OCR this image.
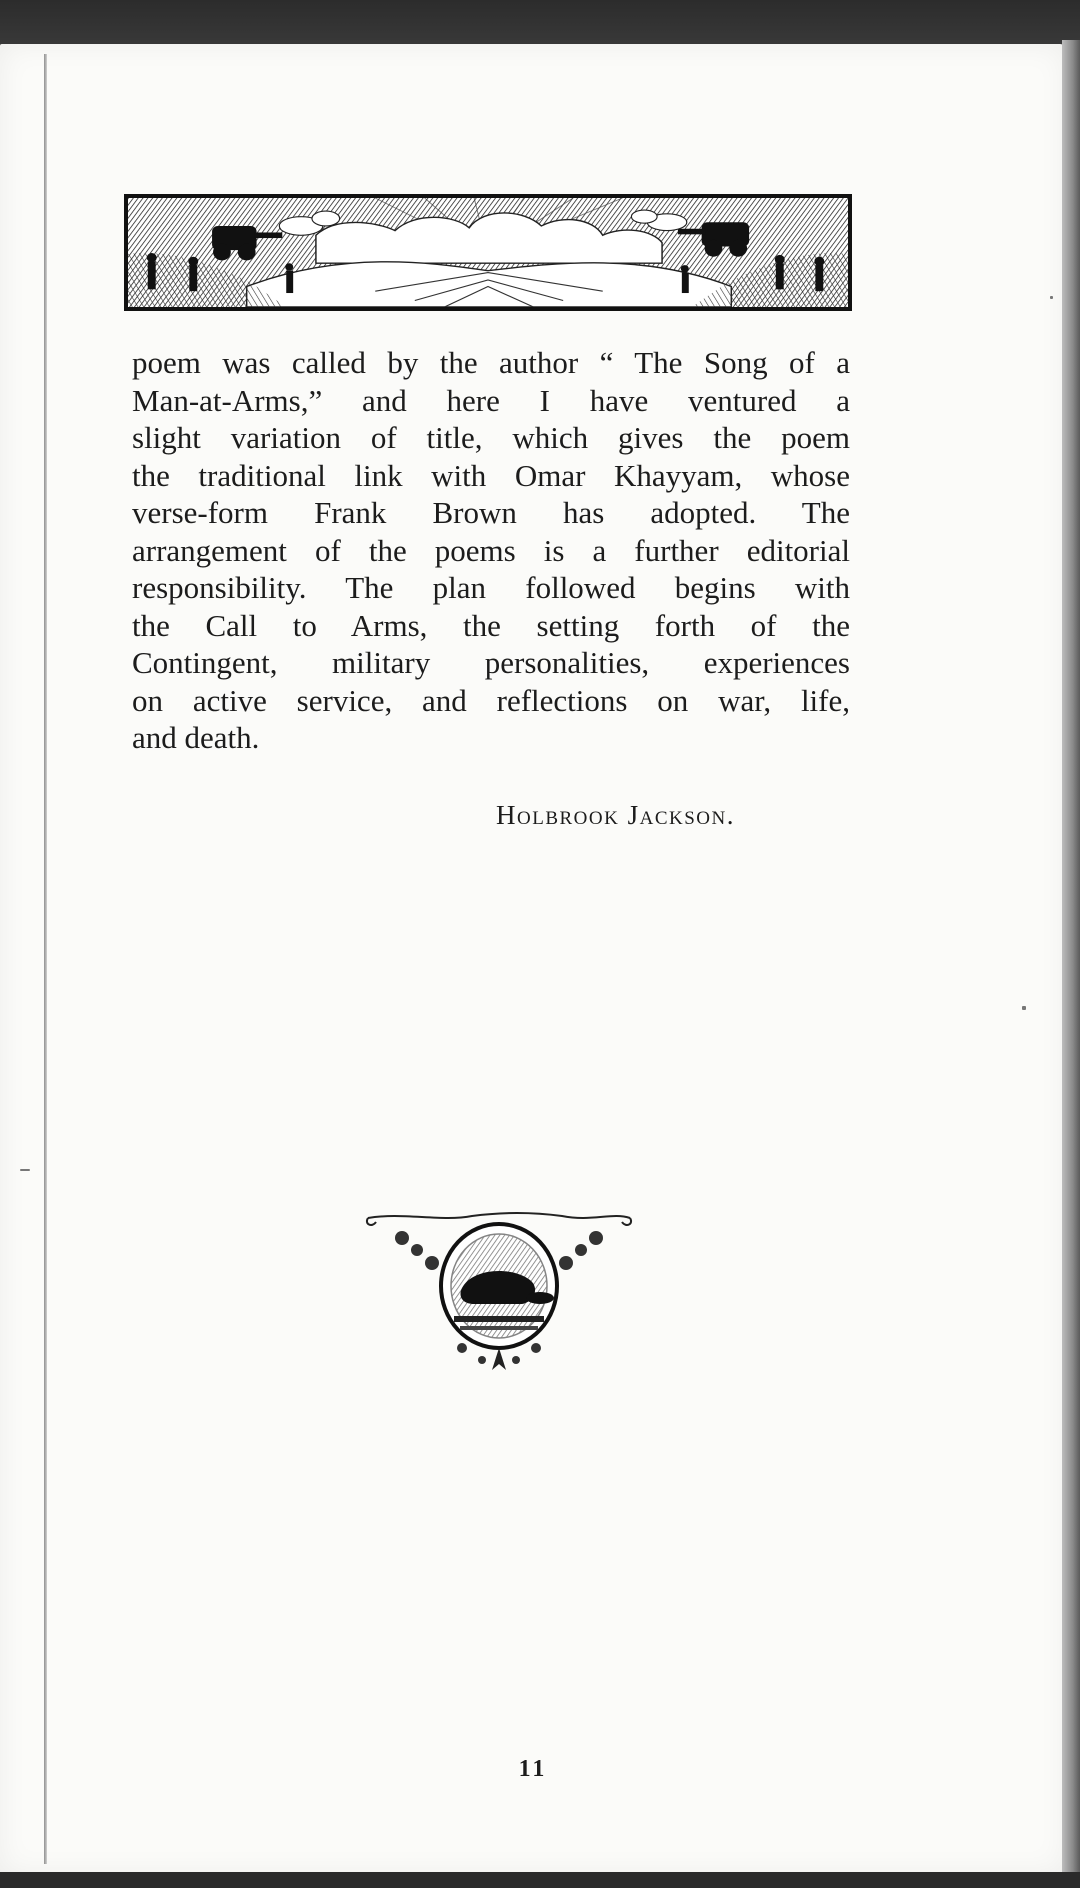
poem was called by the author “ The Song of a
Man-at-Arms,” and here I have ventured a
slight variation of title, which gives the poem
the traditional link with Omar Khayyam, whose
verse-form Frank Brown has adopted. The
arrangement of the poems is a further editorial
responsibility. The plan followed begins with
the Call to Arms, the setting forth of the
Contingent, military personalities, experiences
on active service, and reflections on war, life,
and death.
Holbrook Jackson.
11
